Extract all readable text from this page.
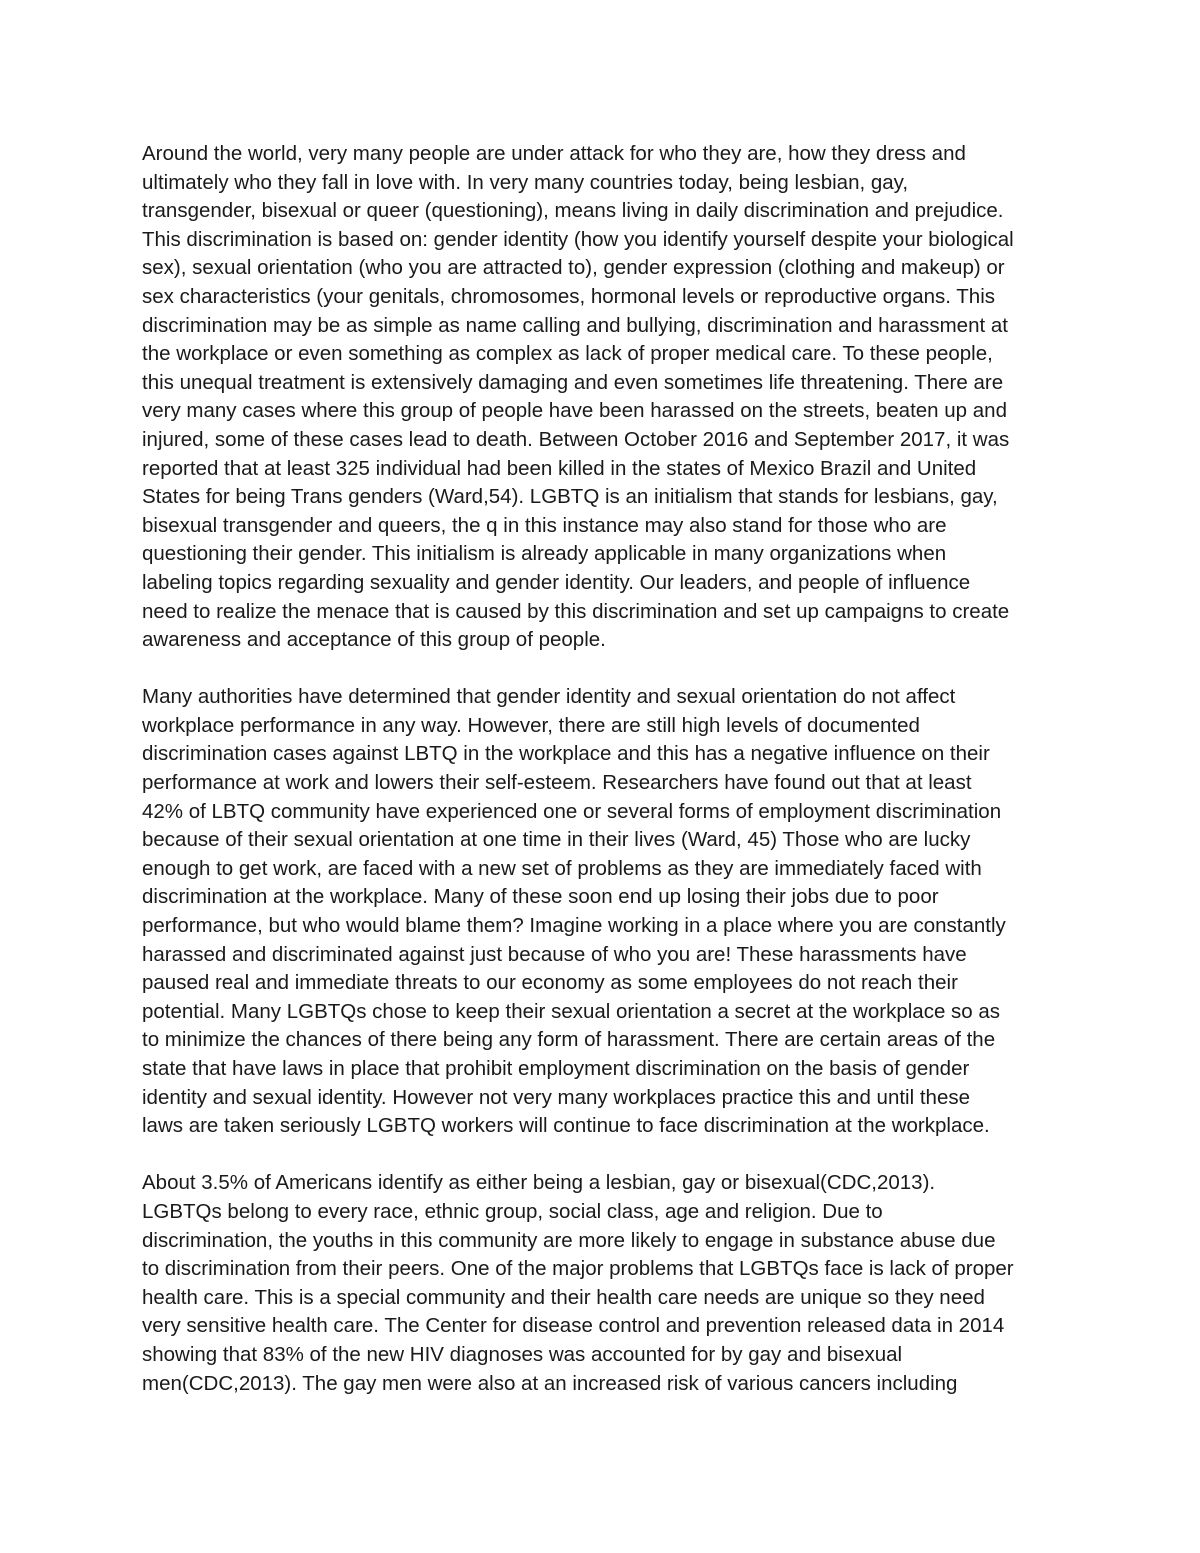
Around the world, very many people are under attack for who they are, how they dress and
ultimately who they fall in love with. In very many countries today, being lesbian, gay,
transgender, bisexual or queer (questioning), means living in daily discrimination and prejudice.
This discrimination is based on: gender identity (how you identify yourself despite your biological
sex), sexual orientation (who you are attracted to), gender expression (clothing and makeup) or
sex characteristics (your genitals, chromosomes, hormonal levels or reproductive organs. This
discrimination may be as simple as name calling and bullying, discrimination and harassment at
the workplace or even something as complex as lack of proper medical care. To these people,
this unequal treatment is extensively damaging and even sometimes life threatening. There are
very many cases where this group of people have been harassed on the streets, beaten up and
injured, some of these cases lead to death. Between October 2016 and September 2017, it was
reported that at least 325 individual had been killed in the states of Mexico Brazil and United
States for being Trans genders (Ward,54). LGBTQ is an initialism that stands for lesbians, gay,
bisexual transgender and queers, the q in this instance may also stand for those who are
questioning their gender. This initialism is already applicable in many organizations when
labeling topics regarding sexuality and gender identity. Our leaders, and people of influence
need to realize the menace that is caused by this discrimination and set up campaigns to create
awareness and acceptance of this group of people.
Many authorities have determined that gender identity and sexual orientation do not affect
workplace performance in any way. However, there are still high levels of documented
discrimination cases against LBTQ in the workplace and this has a negative influence on their
performance at work and lowers their self-esteem. Researchers have found out that at least
42% of LBTQ community have experienced one or several forms of employment discrimination
because of their sexual orientation at one time in their lives (Ward, 45) Those who are lucky
enough to get work, are faced with a new set of problems as they are immediately faced with
discrimination at the workplace. Many of these soon end up losing their jobs due to poor
performance, but who would blame them? Imagine working in a place where you are constantly
harassed and discriminated against just because of who you are! These harassments have
paused real and immediate threats to our economy as some employees do not reach their
potential. Many LGBTQs chose to keep their sexual orientation a secret at the workplace so as
to minimize the chances of there being any form of harassment. There are certain areas of the
state that have laws in place that prohibit employment discrimination on the basis of gender
identity and sexual identity. However not very many workplaces practice this and until these
laws are taken seriously LGBTQ workers will continue to face discrimination at the workplace.
About 3.5% of Americans identify as either being a lesbian, gay or bisexual(CDC,2013).
LGBTQs belong to every race, ethnic group, social class, age and religion. Due to
discrimination, the youths in this community are more likely to engage in substance abuse due
to discrimination from their peers. One of the major problems that LGBTQs face is lack of proper
health care. This is a special community and their health care needs are unique so they need
very sensitive health care. The Center for disease control and prevention released data in 2014
showing that 83% of the new HIV diagnoses was accounted for by gay and bisexual
men(CDC,2013). The gay men were also at an increased risk of various cancers including
